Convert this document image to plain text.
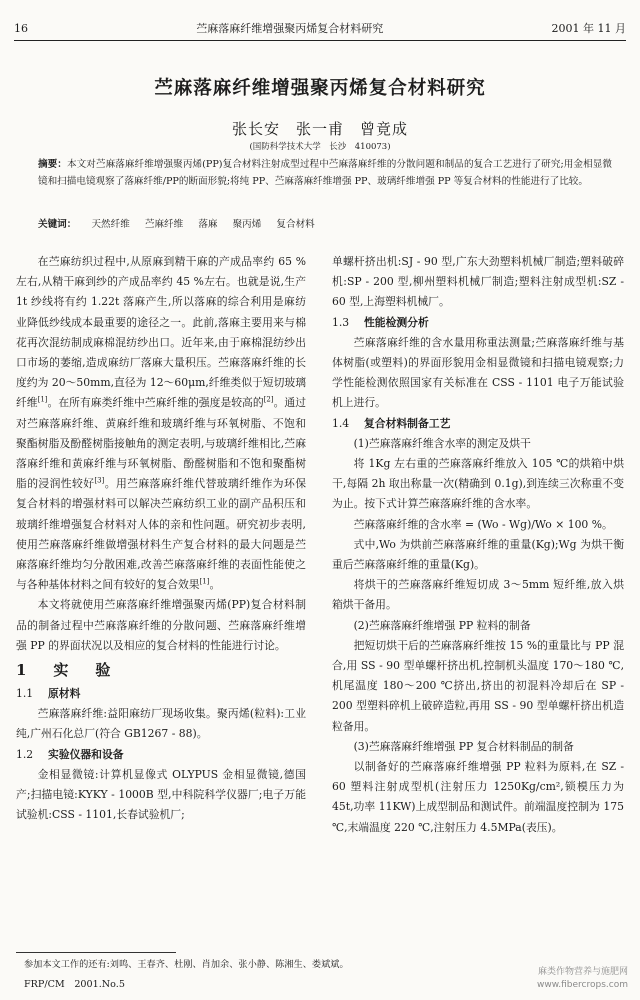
16	苎麻落麻纤维增强聚丙烯复合材料研究	2001 年 11 月
苎麻落麻纤维增强聚丙烯复合材料研究
张长安　张一甫　曾竟成
(国防科学技术大学　长沙　410073)
摘要：本文对苎麻落麻纤维增强聚丙烯(PP)复合材料注射成型过程中苎麻落麻纤维的分散问题和制品的复合工艺进行了研究;用金相显微镜和扫描电镜观察了落麻纤维/PP的断面形貌;将纯 PP、苎麻落麻纤维增强 PP、玻璃纤维增强 PP 等复合材料的性能进行了比较。
关键词： 天然纤维 苎麻纤维 落麻 聚丙烯 复合材料

在苎麻纺织过程中,从原麻到精干麻的产成品率约 65 %左右,从精干麻到纱的产成品率约 45 %左右。也就是说,生产 1t 纱线将有约 1.22t 落麻产生,所以落麻的综合利用是麻纺业降低纱线成本最重要的途径之一。此前,落麻主要用来与棉花再次混纺制成麻棉混纺纱出口。近年来,由于麻棉混纺纱出口市场的萎缩,造成麻纺厂落麻大量积压。苎麻落麻纤维的长度约为 20～50mm,直径为 12～60μm,纤维类似于短切玻璃纤维[1]。在所有麻类纤维中苎麻纤维的强度是较高的[2]。通过对苎麻落麻纤维、黄麻纤维和玻璃纤维与环氧树脂、不饱和聚酯树脂及酚醛树脂接触角的测定表明,与玻璃纤维相比,苎麻落麻纤维和黄麻纤维与环氧树脂、酚醛树脂和不饱和聚酯树脂的浸润性较好[3]。用苎麻落麻纤维代替玻璃纤维作为环保复合材料的增强材料可以解决苎麻纺织工业的副产品积压和玻璃纤维增强复合材料对人体的亲和性问题。研究初步表明,使用苎麻落麻纤维做增强材料生产复合材料的最大问题是苎麻落麻纤维均匀分散困难,改善苎麻落麻纤维的表面性能使之与各种基体材料之间有较好的复合效果[1]。

本文将就使用苎麻落麻纤维增强聚丙烯(PP)复合材料制品的制备过程中苎麻落麻纤维的分散问题、苎麻落麻纤维增强 PP 的界面状况以及相应的复合材料的性能进行讨论。

1　实　验

1.1 原材料

苎麻落麻纤维:益阳麻纺厂现场收集。聚丙烯(粒料):工业纯,广州石化总厂(符合 GB1267 - 88)。

1.2 实验仪器和设备

金相显微镜:计算机显像式 OLYPUS 金相显微镜,德国产;扫描电镜:KYKY - 1000B 型,中科院科学仪器厂;电子万能试验机:CSS - 1101,长春试验机厂;

单螺杆挤出机:SJ - 90 型,广东大劲塑料机械厂制造;塑料破碎机:SP - 200 型,柳州塑料机械厂制造;塑料注射成型机:SZ - 60 型,上海塑料机械厂。

1.3 性能检测分析

苎麻落麻纤维的含水量用称重法测量;苎麻落麻纤维与基体树脂(或塑料)的界面形貌用金相显微镜和扫描电镜观察;力学性能检测依照国家有关标准在 CSS - 1101 电子万能试验机上进行。

1.4 复合材料制备工艺

(1)苎麻落麻纤维含水率的测定及烘干

将 1Kg 左右重的苎麻落麻纤维放入 105 ℃的烘箱中烘干,每隔 2h 取出称量一次(精确到 0.1g),到连续三次称重不变为止。按下式计算苎麻落麻纤维的含水率。

苎麻落麻纤维的含水率 = (Wo - Wg)/Wo × 100 %。

式中,Wo 为烘前苎麻落麻纤维的重量(Kg);Wg 为烘干衡重后苎麻落麻纤维的重量(Kg)。

将烘干的苎麻落麻纤维短切成 3～5mm 短纤维,放入烘箱烘干备用。

(2)苎麻落麻纤维增强 PP 粒料的制备

把短切烘干后的苎麻落麻纤维按 15 %的重量比与 PP 混合,用 SS - 90 型单螺杆挤出机,控制机头温度 170～180 ℃,机尾温度 180～200 ℃挤出,挤出的初混料冷却后在 SP - 200 型塑料碎机上破碎造粒,再用 SS - 90 型单螺杆挤出机造粒备用。

(3)苎麻落麻纤维增强 PP 复合材料制品的制备

以制备好的苎麻落麻纤维增强 PP 粒料为原料,在 SZ - 60 塑料注射成型机(注射压力 1250Kg/cm²,锁模压力为 45t,功率 11KW)上成型制品和测试件。前端温度控制为 175 ℃,末端温度 220 ℃,注射压力 4.5MPa(表压)。

参加本文工作的还有:刘鸣、王春齐、杜刚、肖加余、张小静、陈湘生、娄斌斌。
FRP/CM　2001.No.5
麻类作物营养与施肥网
www.fibercrops.com
